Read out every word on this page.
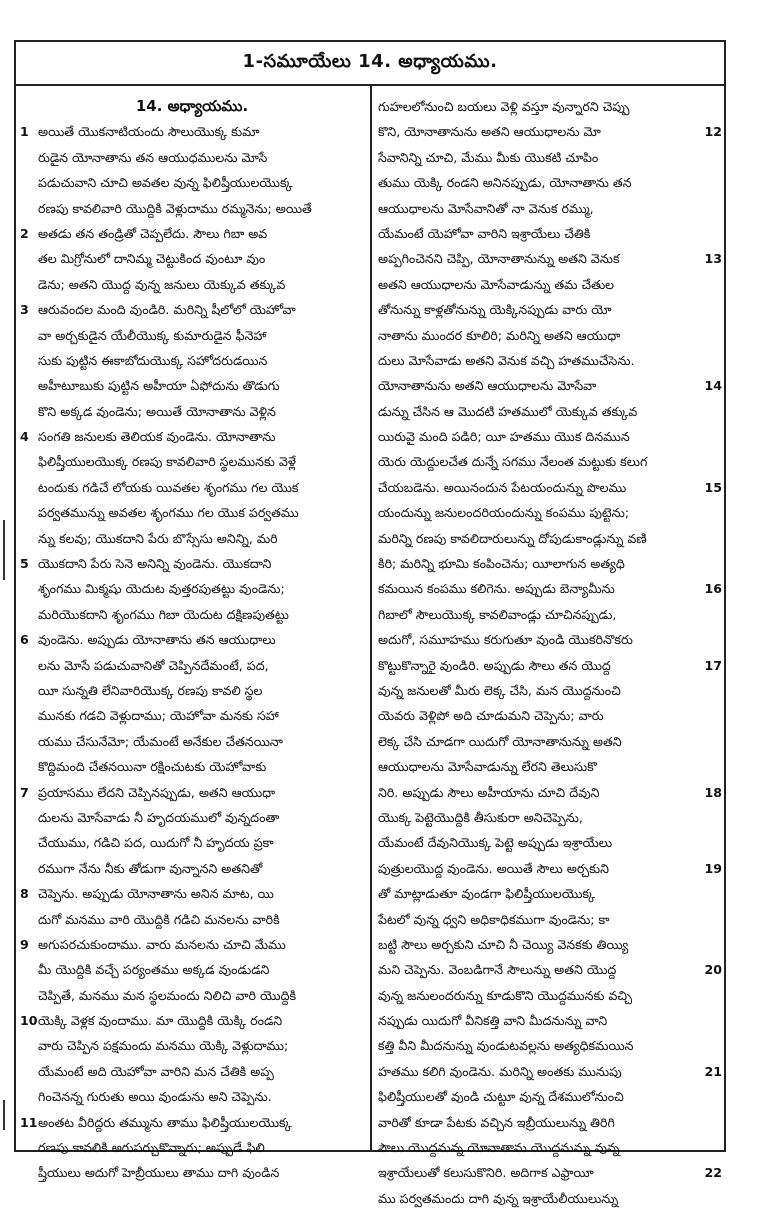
1-సమూయేలు 14. అధ్యాయము.
14. అధ్యాయము.
1 అయితే యొకనాటియందు సౌలుయొక్క కుమా
రుడైన యోనాతాను తన ఆయుధములను మోసే
పడుచువాని చూచి అవతల వున్న ఫిలిష్తీయులయొక్క
రణపు కావలివారి యొద్దికి వెళ్లుదాము రమ్మనెను; అయితే
2 అతడు తన తండ్రితో చెప్పలేదు. సౌలు గిబా అవ
తల మిగ్రోనులో దానిమ్మ చెట్టుకింద వుంటూ వుం
డెను; అతని యొద్ద వున్న జనులు యెక్కువ తక్కువ
3 ఆరువందల మంది వుండిరి. మరిన్ని షీలోలో యెహోవా
వా అర్చకుడైన యేలీయొక్క కుమారుడైన ఫీనెహా
సుకు పుట్టిన ఈకాబోదుయొక్క సహోదరుడయిన
అహీటూబుకు పుట్టిన అహీయా ఏఫోదును తొడుగు
కొని అక్కడ వుండెను; అయితే యోనాతాను వెళ్లిన
4 సంగతి జనులకు తెలియక వుండెను. యోనాతాను
ఫిలిష్తీయులయొక్క రణపు కావలివారి స్థలమునకు వెళ్లే
టందుకు గడిచే లోయకు యివతల శృంగము గల యొక
పర్వతమున్ను అవతల శృంగము గల యొక పర్వతము
న్ను కలవు; యొకదాని పేరు బొస్సేసు అనిన్ని, మరి
5 యొకదాని పేరు సెనె అనిన్ని వుండెను. యొకదాని
శృంగము మిక్మషు యెదుట వుత్తరపుతట్టు వుండెను;
మరియొకదాని శృంగము గిబా యెదుట దక్షిణపుతట్టు
6 వుండెను. అప్పుడు యోనాతాను తన ఆయుధాలు
లను మోసే పడుచువానితో చెప్పినదేమంటే, పద,
యీ సున్నతి లేనివారియొక్క రణపు కావలి స్థల
మునకు గడచి వెళ్లుదాము; యెహోవా మనకు సహా
యము చేసునేమో; యేమంటే అనేకుల చేతనయినా
కొద్దిమంది చేతనయినా రక్షించుటకు యెహోవాకు
7 ప్రయాసము లేదని చెప్పినప్పుడు, అతని ఆయుధా
దులను మోసేవాడు నీ హృదయములో వున్నదంతా
చేయుము, గడిచి పద, యిదుగో నీ హృదయ ప్రకా
రముగా నేను నీకు తోడుగా వున్నానని అతనితో
8 చెప్పెను. అప్పుడు యోనాతాను అనిన మాట, యి
దుగో మనము వారి యొద్దికి గడిచి మనలను వారికి
9 అగుపరచుకుందాము. వారు మనలను చూచి మేము
మీ యొద్దికి వచ్చే పర్యంతము అక్కడ వుండుడని
చెప్పితే, మనము మన స్థలమందు నిలిచి వారి యొద్దికి
10 యెక్కి వెళ్లక వుందాము. మా యొద్దికి యెక్కి రండని
వారు చెప్పిన పక్షమందు మనము యెక్కి వెళ్లుదాము;
యేమంటే అది యెహోవా వారిని మన చేతికి అప్ప
గించెనన్న గురుతు అయి వుండును అని చెప్పెను.
11 అంతట వీరిద్దరు తమ్మును తాము ఫిలిష్తీయులయొక్క
రణపు కావలికి అగుపర్చుకొన్నారు; అప్పుడే ఫిలి
ష్తీయులు అదుగో హెబ్రీయులు తాము దాగి వుండిన
గుహలలోనుంచి బయలు వెళ్లి వస్తూ వున్నారని చెప్పు
కొని, యోనాతానును అతని ఆయుధాలను మో	12
సేవానిన్ని చూచి, మేము మీకు యొకటి చూపిం
తుము యెక్కి రండని అనినప్పుడు, యోనాతాను తన
ఆయుధాలను మోసేవానితో నా వెనుక రమ్ము,
యేమంటే యెహోవా వారిని ఇశ్రాయేలు చేతికి
అప్పగించెనని చెప్పి, యోనాతానున్ను అతని వెనుక	13
అతని ఆయుధాలను మోసేవాడున్ను తమ చేతుల
తోనున్ను కాళ్లతోనున్ను యెక్కినప్పుడు వారు యో
నాతాను ముందర కూలిరి; మరిన్ని అతని ఆయుధా
దులు మోసేవాడు అతని వెనుక వచ్చి హతముచేసెను.
యోనాతానును అతని ఆయుధాలను మోసేవా	14
డున్ను చేసిన ఆ మొదటి హతములో యెక్కువ తక్కువ
యిరువై మంది పడిరి; యీ హతము యొక దినమున
యెరు యెద్దులచేత దున్నే సగము నేలంత మట్టుకు కలుగ
చేయబడెను. అయినందున పేటయందున్ను పొలము	15
యందున్ను జనులందరియందున్ను కంపము పుట్టెను;
మరిన్ని రణపు కావలిదారులున్ను దోపుడుకాండ్లున్ను వణి
కిరి; మరిన్ని భూమి కంపించెను; యీలాగున అత్యధి
కమయిన కంపము కలిగెను. అప్పుడు బెన్యామీను	16
గిబాలో సౌలుయొక్క కావలివాండ్లు చూచినప్పుడు,
అదుగో, సమూహము కరుగుతూ వుండి యొకరినొకరు
కొట్టుకొన్నారై వుండిరి. అప్పుడు సౌలు తన యొద్ద	17
వున్న జనులతో మీరు లెక్క చేసి, మన యొద్దనుంచి
యెవరు వెళ్లిపో అది చూడుమని చెప్పెను; వారు
లెక్క చేసి చూడగా యిదుగో యోనాతానున్ను అతని
ఆయుధాలను మోసేవాడున్ను లేరని తెలుసుకొ
నిరి. అప్పుడు సౌలు అహీయాను చూచి దేవుని	18
యొక్క పెట్టెయొద్దికి తీసుకురా అనిచెప్పెను,
యేమంటే దేవునియొక్క పెట్టె అప్పుడు ఇశ్రాయేలు
పుత్రులయొద్ద వుండెను. అయితే సౌలు అర్చకుని	19
తో మాట్లాడుతూ వుండగా ఫిలిష్తీయులయొక్క
పేటలో వున్న ధ్వని అధికాధికముగా వుండెను; కా
బట్టి సౌలు అర్చకుని చూచి నీ చెయ్యి వెనకకు తియ్యి
మని చెప్పెను. వెంబడిగానే సౌలున్ను అతని యొద్ద	20
వున్న జనులందరున్ను కూడుకొని యొద్దమునకు వచ్చి
నప్పుడు యిదుగో వీనికత్తి వాని మీదనున్ను వాని
కత్తి వీని మీదనున్ను వుండుటవల్లను అత్యధికమయిన
హతము కలిగి వుండెను. మరిన్ని అంతకు మునుపు	21
ఫిలిష్తీయులతో వుండి చుట్టూ వున్న దేశములోనుంచి
వారితో కూడా పేటకు వచ్చిన ఇబ్రీయులున్ను తిరిగి
సౌలు యొద్దనున్న యోనాతాను యొద్దనున్ను వున్న
ఇశ్రాయేలుతో కలుసుకొనిరి. అదిగాక ఎఫ్రాయీ	22
ము పర్వతమందు దాగి వున్న ఇశ్రాయేలీయులున్ను
